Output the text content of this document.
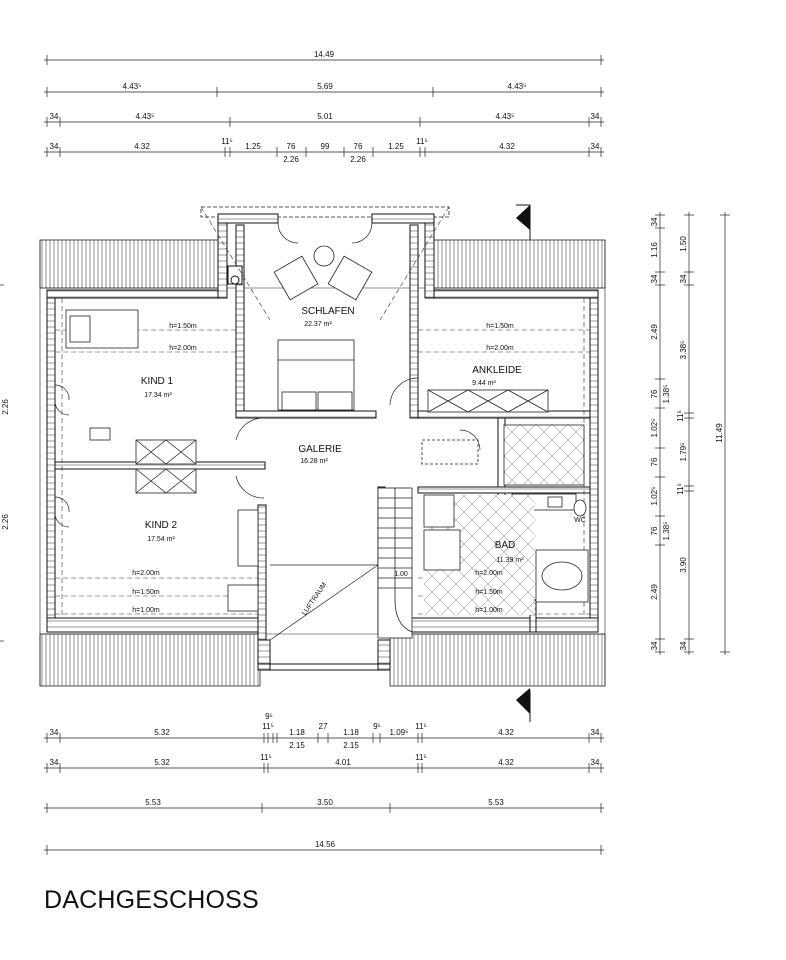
14.49
4.43⁵	5.69	4.43⁵
34	4.43⁵	5.01	4.43⁵	34
34	4.32
11⁵
1.25	76	99	76	1.25
11⁵
4.32	34
2.26	2.26
34
1.16
34
2.49
76
1.02⁵
76
1.02⁵
76
2.49
34
1.38⁵
1.38⁵
1.50
34
3.38⁵
11⁵
1.79⁵
11⁵
3.90
34
11.49
2.26
2.26
SCHLAFEN
22.37 m²
KIND 1
17.34 m²
ANKLEIDE
9.44 m²
GALERIE
16.28 m²
KIND 2
17.54 m²
BAD
11.39 m²
WC
1.00
LUFTRAUM
h=1.50m
h=2.00m
h=1.50m
h=2.00m
h=2.00m
h=1.50m
h=1.00m
h=2.00m
h=1.50m
h=1.00m
34	5.32
9⁵
11⁵
1.18
27
1.18
9⁵
1.09⁵
11⁵
4.32	34
2.15	2.15
34	5.32
11⁵
4.01
11⁵
4.32	34
5.53	3.50	5.53
14.56
DACHGESCHOSS
